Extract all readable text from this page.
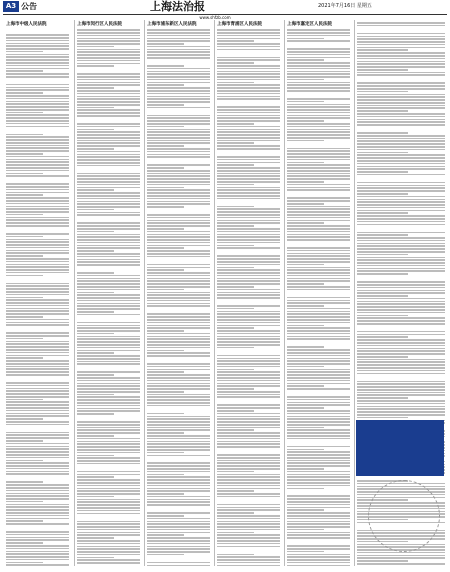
A3 公告	上海法治报	2021年7月16日 星期五
www.shfzb.com
上海市中级人民法院	上海市闵行区人民法院	上海市浦东新区人民法院	上海市青浦区人民法院	上海市嘉定区人民法院
